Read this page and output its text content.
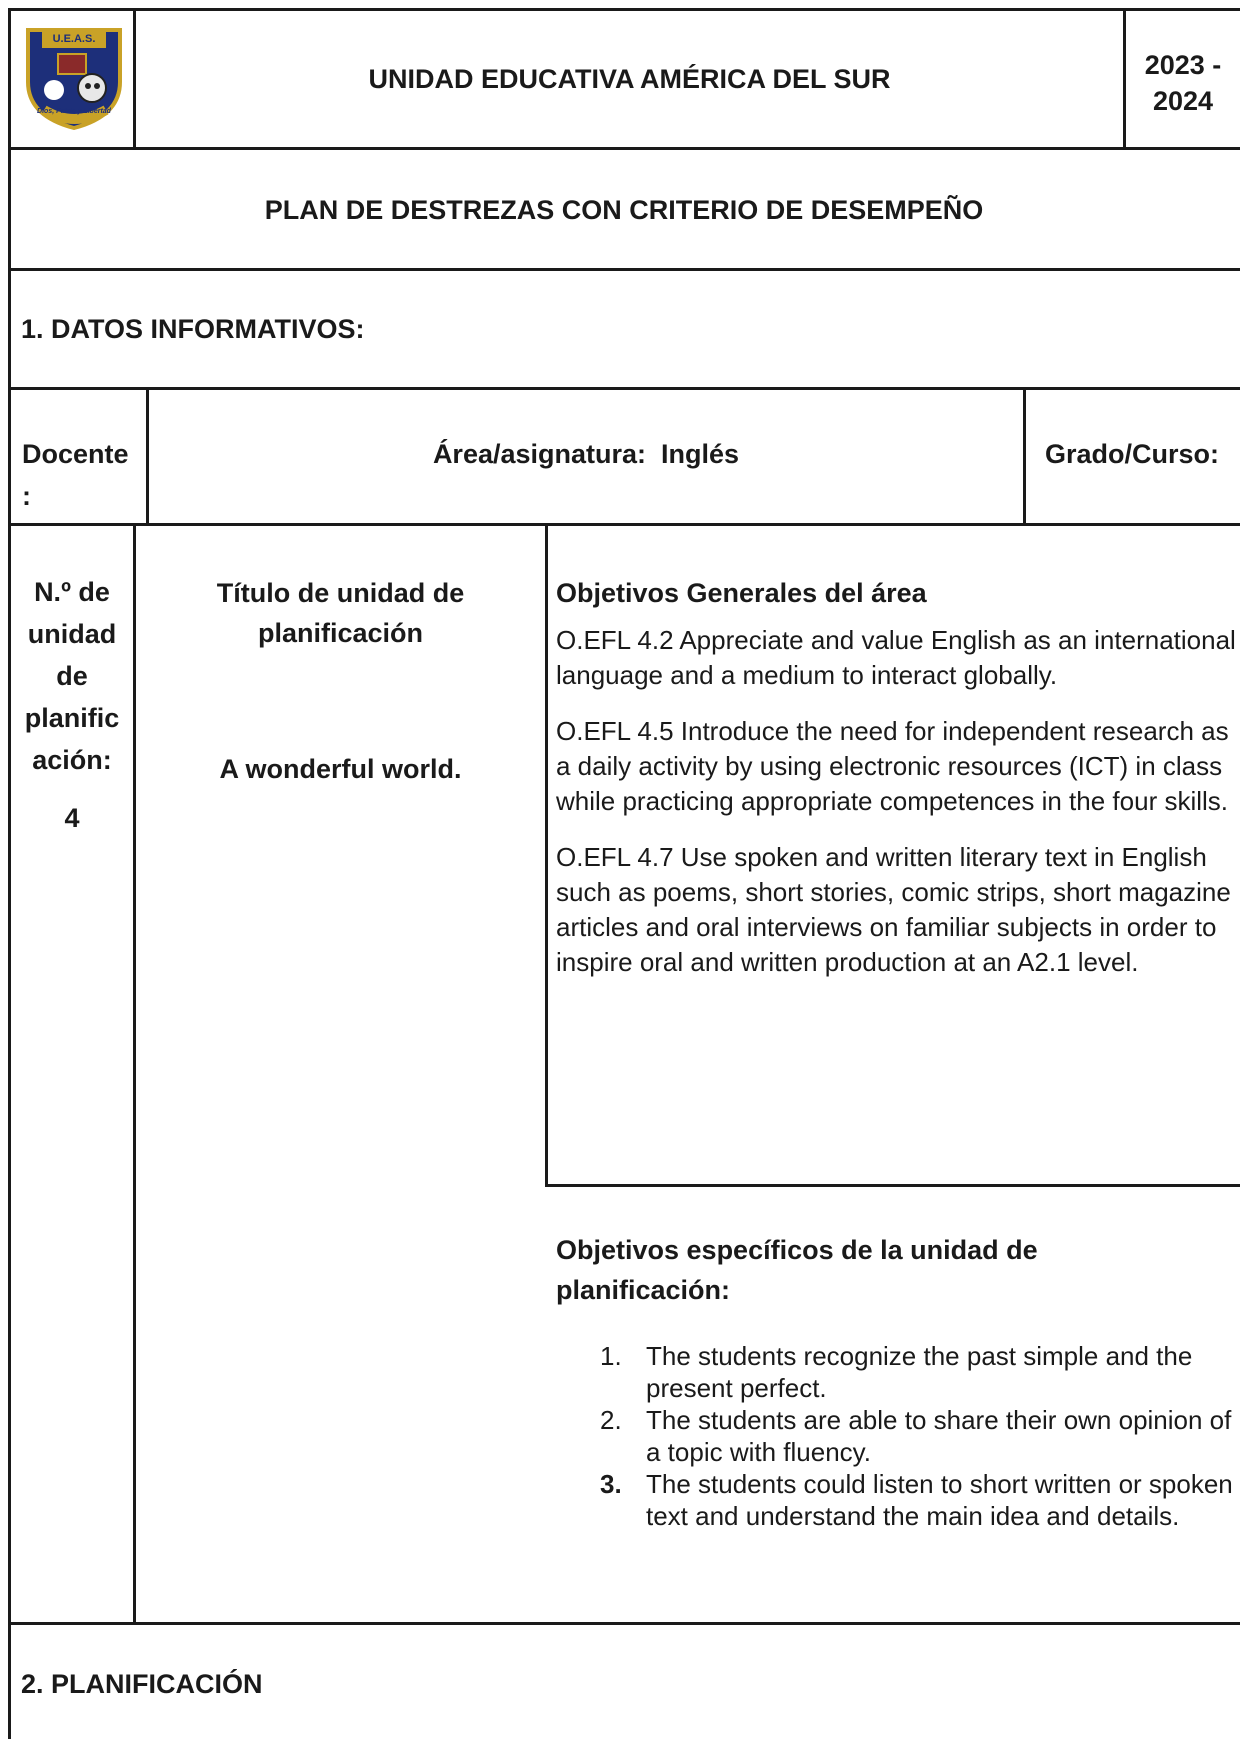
U.E.A.S.
Dios, Patria y Libertad
UNIDAD EDUCATIVA AMÉRICA DEL SUR	2023 -
2024
PLAN DE DESTREZAS CON CRITERIO DE DESEMPEÑO
1. DATOS INFORMATIVOS:
Docente
:
Área/asignatura:  Inglés	Grado/Curso:
N.º de
unidad
de
planific
ación:
4
Título de unidad de
planificación
A wonderful world.
Objetivos Generales del área

O.EFL 4.2 Appreciate and value English as an international language and a medium to interact globally.

O.EFL 4.5 Introduce the need for independent research as a daily activity by using electronic resources (ICT) in class while practicing appropriate competences in the four skills.

O.EFL 4.7 Use spoken and written literary text in English such as poems, short stories, comic strips, short magazine articles and oral interviews on familiar subjects in order to inspire oral and written production at an A2.1 level.

Objetivos específicos de la unidad de planificación:
1. The students recognize the past simple and the present perfect.
2. The students are able to share their own opinion of a topic with fluency.
3. The students could listen to short written or spoken text and understand the main idea and details.
2. PLANIFICACIÓN
